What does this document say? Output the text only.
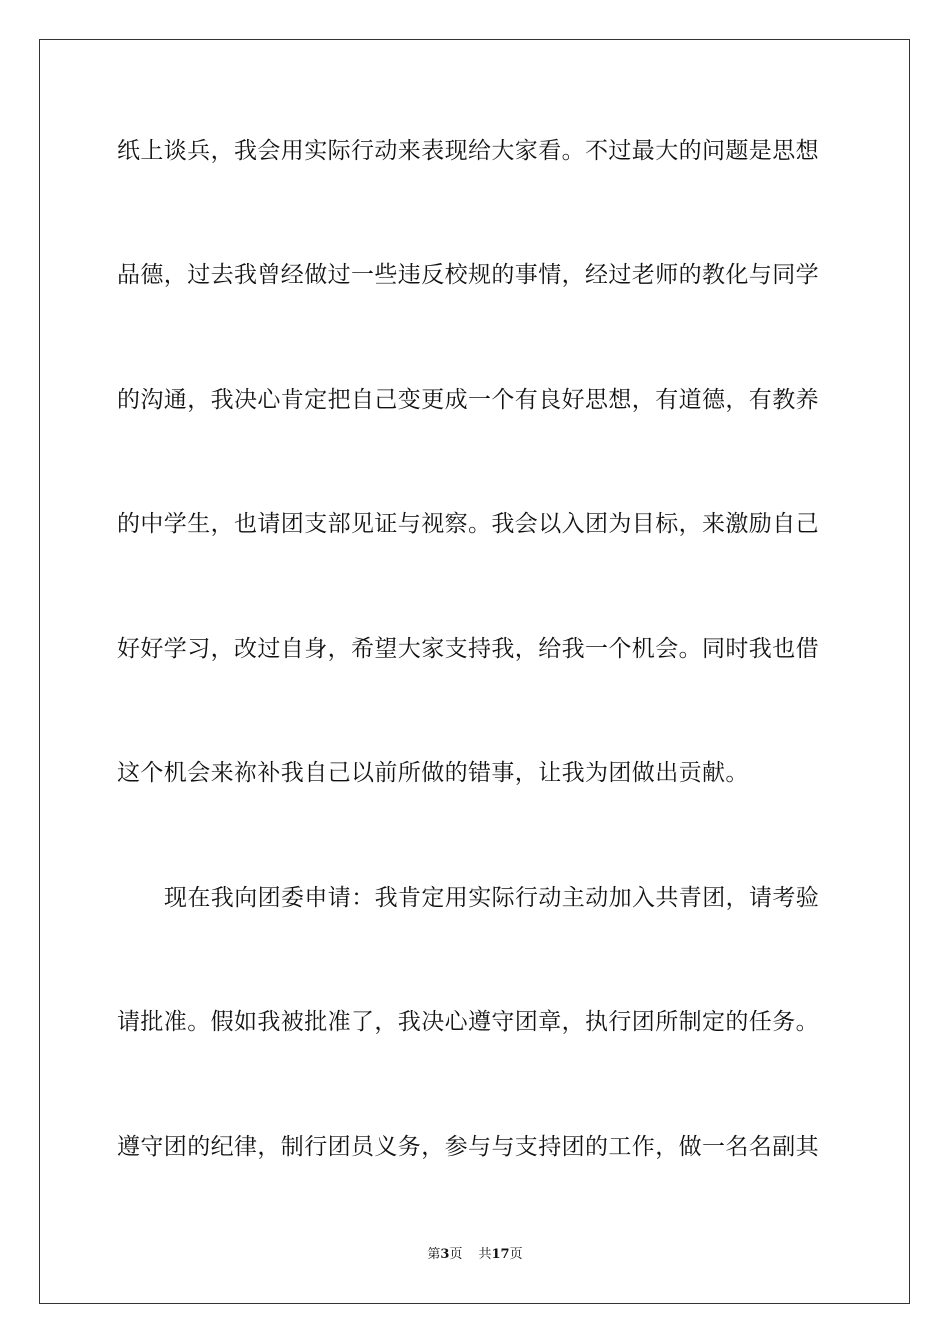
纸上谈兵，我会用实际行动来表现给大家看。不过最大的问题是思想
品德，过去我曾经做过一些违反校规的事情，经过老师的教化与同学
的沟通，我决心肯定把自己变更成一个有良好思想，有道德，有教养
的中学生，也请团支部见证与视察。我会以入团为目标，来激励自己
好好学习，改过自身，希望大家支持我，给我一个机会。同时我也借
这个机会来祢补我自己以前所做的错事，让我为团做出贡献。
现在我向团委申请：我肯定用实际行动主动加入共青团，请考验
请批准。假如我被批准了，我决心遵守团章，执行团所制定的任务。
遵守团的纪律，制行团员义务，参与与支持团的工作，做一名名副其
第3页 共17页
